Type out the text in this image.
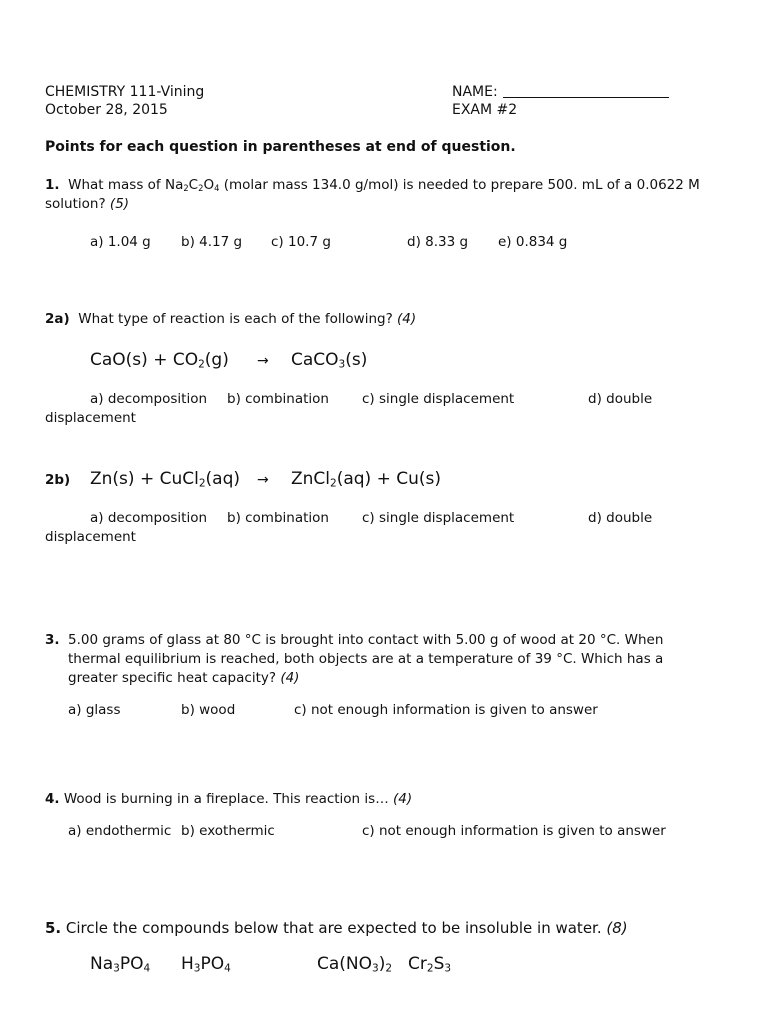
CHEMISTRY 111-Vining
October 28, 2015
NAME:
EXAM #2
Points for each question in parentheses at end of question.
1. What mass of $Na_2C_2O_4$ (molar mass 134.0 g/mol) is needed to prepare 500. mL of a 0.0622 M
solution? (5)
a) 1.04 g b) 4.17 g c) 10.7 g	d) 8.33 g e) 0.834 g
2a) What type of reaction is each of the following? (4)
$CaO(s) + CO_2(g)$ → CaCO$_3$(s)
a) decomposition b) combination c) single displacement	d) double
displacement
2b) Zn(s) + CuCl$_2$(aq) → ZnCl$_2$(aq) + Cu(s)
a) decomposition b) combination c) single displacement	d) double
displacement
3. 5.00 grams of glass at 80 °C is brought into contact with 5.00 g of wood at 20 °C. When
thermal equilibrium is reached, both objects are at a temperature of 39 °C. Which has a
greater specific heat capacity? (4)
a) glass	b) wood	c) not enough information is given to answer
4. Wood is burning in a fireplace. This reaction is… (4)
a) endothermic b) exothermic	c) not enough information is given to answer
5. Circle the compounds below that are expected to be insoluble in water. (8)
$Na_3PO_4$ $H_3PO_4$	$Ca(NO_3)_2$ $Cr_2S_3$
